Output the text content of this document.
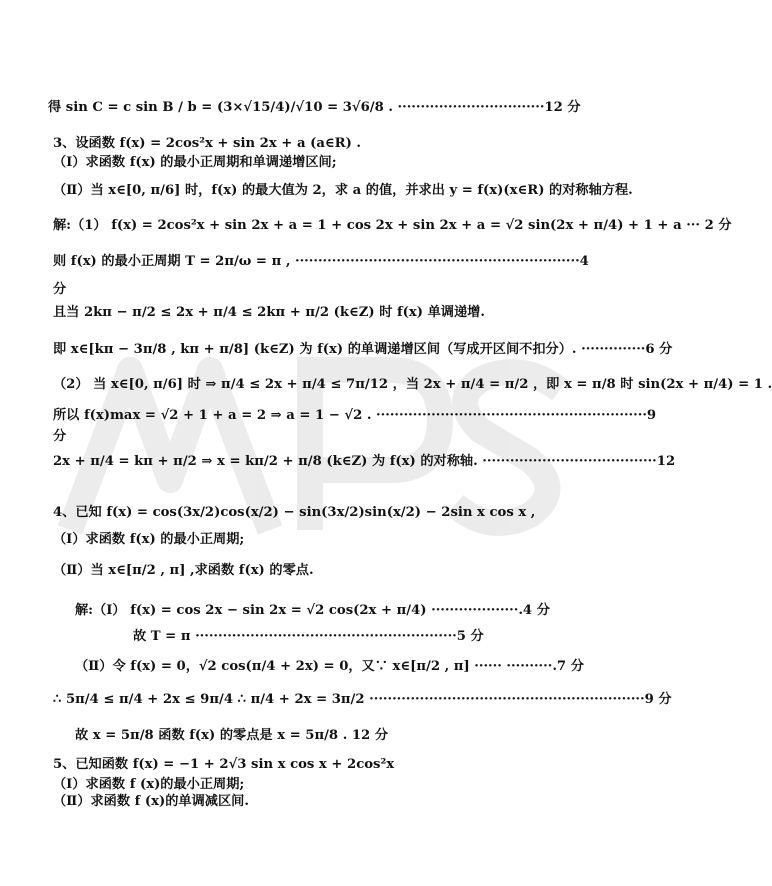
得 sin C = c sin B / b = (3×√15/4)/√10 = 3√6/8 . ································12 分
3、设函数 f(x) = 2cos²x + sin 2x + a (a∈R) .
（Ⅰ）求函数 f(x) 的最小正周期和单调递增区间;
（Ⅱ）当 x∈[0, π/6] 时，f(x) 的最大值为 2，求 a 的值，并求出 y = f(x)(x∈R) 的对称轴方程.
解:（1） f(x) = 2cos²x + sin 2x + a = 1 + cos 2x + sin 2x + a = √2 sin(2x + π/4) + 1 + a ··· 2 分
则 f(x) 的最小正周期 T = 2π/ω = π , ······························································4
分
且当 2kπ − π/2 ≤ 2x + π/4 ≤ 2kπ + π/2 (k∈Z) 时 f(x) 单调递增.
即 x∈[kπ − 3π/8 , kπ + π/8] (k∈Z) 为 f(x) 的单调递增区间（写成开区间不扣分）. ··············6 分
（2） 当 x∈[0, π/6] 时 ⇒ π/4 ≤ 2x + π/4 ≤ 7π/12 ，当 2x + π/4 = π/2 ，即 x = π/8 时 sin(2x + π/4) = 1 .
所以 f(x)max = √2 + 1 + a = 2 ⇒ a = 1 − √2 . ···························································9
分
2x + π/4 = kπ + π/2 ⇒ x = kπ/2 + π/8 (k∈Z) 为 f(x) 的对称轴. ······································12
4、已知 f(x) = cos(3x/2)cos(x/2) − sin(3x/2)sin(x/2) − 2sin x cos x ,
（Ⅰ）求函数 f(x) 的最小正周期;
（Ⅱ）当 x∈[π/2 , π] ,求函数 f(x) 的零点.
解:（Ⅰ） f(x) = cos 2x − sin 2x = √2 cos(2x + π/4) ···················.4 分
故 T = π ·························································5 分
（Ⅱ）令 f(x) = 0，√2 cos(π/4 + 2x) = 0，又∵ x∈[π/2 , π] ······ ··········.7 分
∴ 5π/4 ≤ π/4 + 2x ≤ 9π/4 ∴ π/4 + 2x = 3π/2 ····························································9 分
故 x = 5π/8 函数 f(x) 的零点是 x = 5π/8 . 12 分
5、已知函数 f(x) = −1 + 2√3 sin x cos x + 2cos²x
（Ⅰ）求函数 f (x)的最小正周期;
（Ⅱ）求函数 f (x)的单调减区间.
